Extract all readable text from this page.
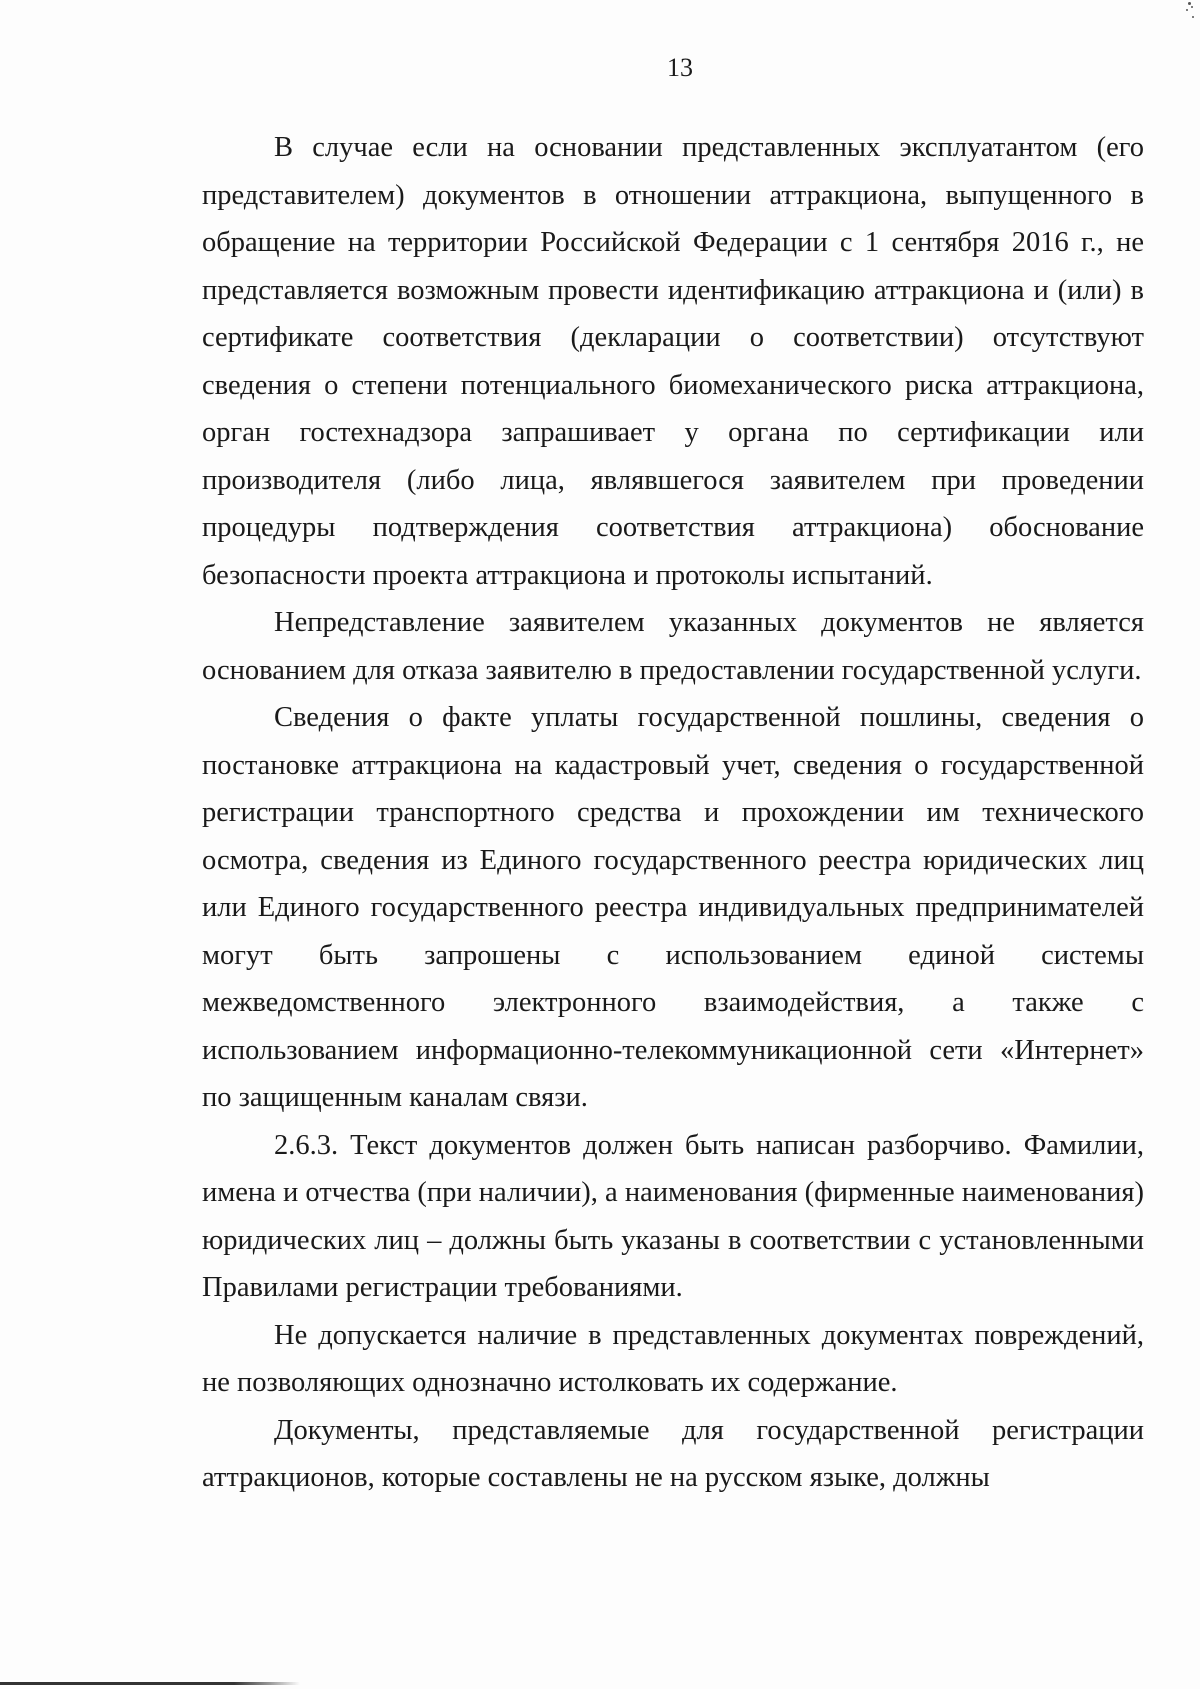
13

В случае если на основании представленных эксплуатантом (его представителем) документов в отношении аттракциона, выпущенного в обращение на территории Российской Федерации с 1 сентября 2016 г., не представляется возможным провести идентификацию аттракциона и (или) в сертификате соответствия (декларации о соответствии) отсутствуют сведения о степени потенциального биомеханического риска аттракциона, орган гостехнадзора запрашивает у органа по сертификации или производителя (либо лица, являвшегося заявителем при проведении процедуры подтверждения соответствия аттракциона) обоснование безопасности проекта аттракциона и протоколы испытаний.

Непредставление заявителем указанных документов не является основанием для отказа заявителю в предоставлении государственной услуги.

Сведения о факте уплаты государственной пошлины, сведения о постановке аттракциона на кадастровый учет, сведения о государственной регистрации транспортного средства и прохождении им технического осмотра, сведения из Единого государственного реестра юридических лиц или Единого государственного реестра индивидуальных предпринимателей могут быть запрошены с использованием единой системы межведомственного электронного взаимодействия, а также с использованием информационно-телекоммуникационной сети «Интернет» по защищенным каналам связи.

2.6.3. Текст документов должен быть написан разборчиво. Фамилии, имена и отчества (при наличии), а наименования (фирменные наименования) юридических лиц – должны быть указаны в соответствии с установленными Правилами регистрации требованиями.

Не допускается наличие в представленных документах повреждений, не позволяющих однозначно истолковать их содержание.

Документы, представляемые для государственной регистрации аттракционов, которые составлены не на русском языке, должны
